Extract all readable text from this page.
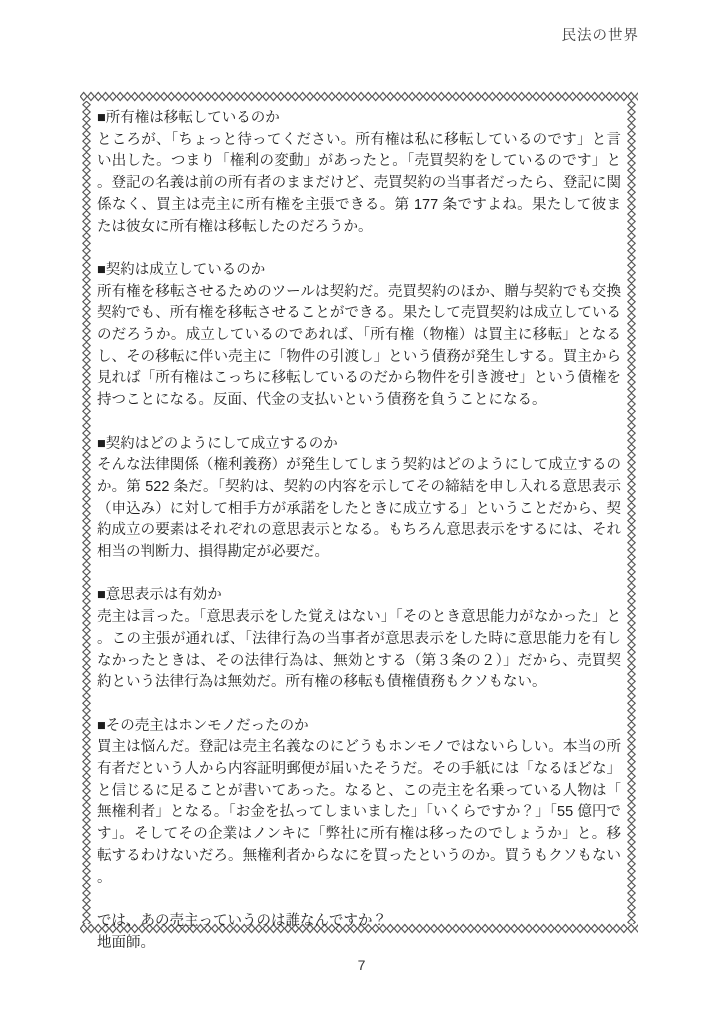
民法の世界

■所有権は移転しているのか

ところが、「ちょっと待ってください。所有権は私に移転しているのです」と言い出した。つまり「権利の変動」があったと。「売買契約をしているのです」と。登記の名義は前の所有者のままだけど、売買契約の当事者だったら、登記に関係なく、買主は売主に所有権を主張できる。第 177 条ですよね。果たして彼または彼女に所有権は移転したのだろうか。

■契約は成立しているのか

所有権を移転させるためのツールは契約だ。売買契約のほか、贈与契約でも交換契約でも、所有権を移転させることができる。果たして売買契約は成立しているのだろうか。成立しているのであれば、「所有権（物権）は買主に移転」となるし、その移転に伴い売主に「物件の引渡し」という債務が発生しする。買主から見れば「所有権はこっちに移転しているのだから物件を引き渡せ」という債権を持つことになる。反面、代金の支払いという債務を負うことになる。

■契約はどのようにして成立するのか

そんな法律関係（権利義務）が発生してしまう契約はどのようにして成立するのか。第 522 条だ。「契約は、契約の内容を示してその締結を申し入れる意思表示（申込み）に対して相手方が承諾をしたときに成立する」ということだから、契約成立の要素はそれぞれの意思表示となる。もちろん意思表示をするには、それ相当の判断力、損得勘定が必要だ。

■意思表示は有効か

売主は言った。「意思表示をした覚えはない」「そのとき意思能力がなかった」と。この主張が通れば、「法律行為の当事者が意思表示をした時に意思能力を有しなかったときは、その法律行為は、無効とする（第３条の２）」だから、売買契約という法律行為は無効だ。所有権の移転も債権債務もクソもない。

■その売主はホンモノだったのか

買主は悩んだ。登記は売主名義なのにどうもホンモノではないらしい。本当の所有者だという人から内容証明郵便が届いたそうだ。その手紙には「なるほどな」と信じるに足ることが書いてあった。なると、この売主を名乗っている人物は「無権利者」となる。「お金を払ってしまいました」「いくらですか？」「55 億円です」。そしてその企業はノンキに「弊社に所有権は移ったのでしょうか」と。移転するわけないだろ。無権利者からなにを買ったというのか。買うもクソもない。

では、あの売主っていうのは誰なんですか？

地面師。

7
